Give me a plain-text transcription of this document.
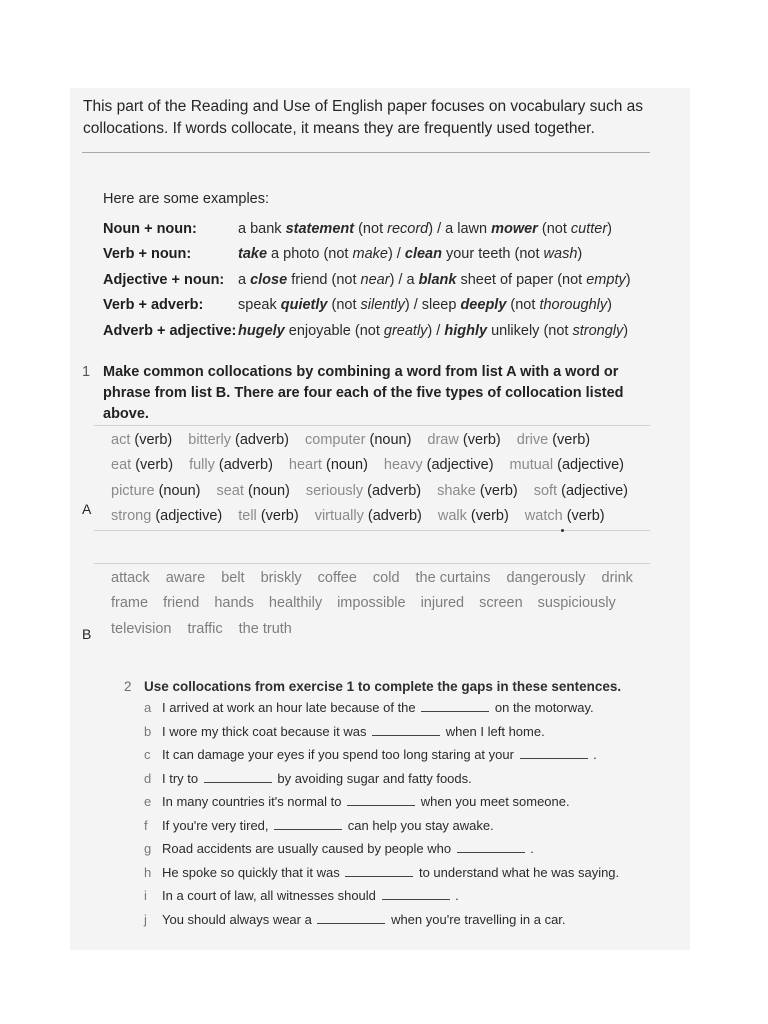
This part of the Reading and Use of English paper focuses on vocabulary such as collocations. If words collocate, it means they are frequently used together.

Here are some examples:

Noun + noun:	a bank statement (not record) / a lawn mower (not cutter)
Verb + noun:	take a photo (not make) / clean your teeth (not wash)
Adjective + noun: a close friend (not near) / a blank sheet of paper (not empty)
Verb + adverb:	speak quietly (not silently) / sleep deeply (not thoroughly)
Adverb + adjective: hugely enjoyable (not greatly) / highly unlikely (not strongly)
1 Make common collocations by combining a word from list A with a word or phrase from list B. There are four each of the five types of collocation listed above.

act (verb) bitterly (adverb) computer (noun) draw (verb) drive (verb)
eat (verb) fully (adverb) heart (noun) heavy (adjective) mutual (adjective)
picture (noun) seat (noun) seriously (adverb) shake (verb) soft (adjective)
strong (adjective) tell (verb) virtually (adverb) walk (verb) watch (verb)
A
attack aware belt briskly coffee cold the curtains dangerously drink
frame friend hands healthily impossible injured screen suspiciously
television traffic the truth
B
2 Use collocations from exercise 1 to complete the gaps in these sentences.
a I arrived at work an hour late because of the	on the motorway.
b I wore my thick coat because it was	when I left home.
c It can damage your eyes if you spend too long staring at your	.
d I try to	by avoiding sugar and fatty foods.
e In many countries it's normal to	when you meet someone.
f	If you're very tired,	can help you stay awake.
g Road accidents are usually caused by people who	.
h He spoke so quickly that it was	to understand what he was saying.
i	In a court of law, all witnesses should	.
j	You should always wear a	when you're travelling in a car.
